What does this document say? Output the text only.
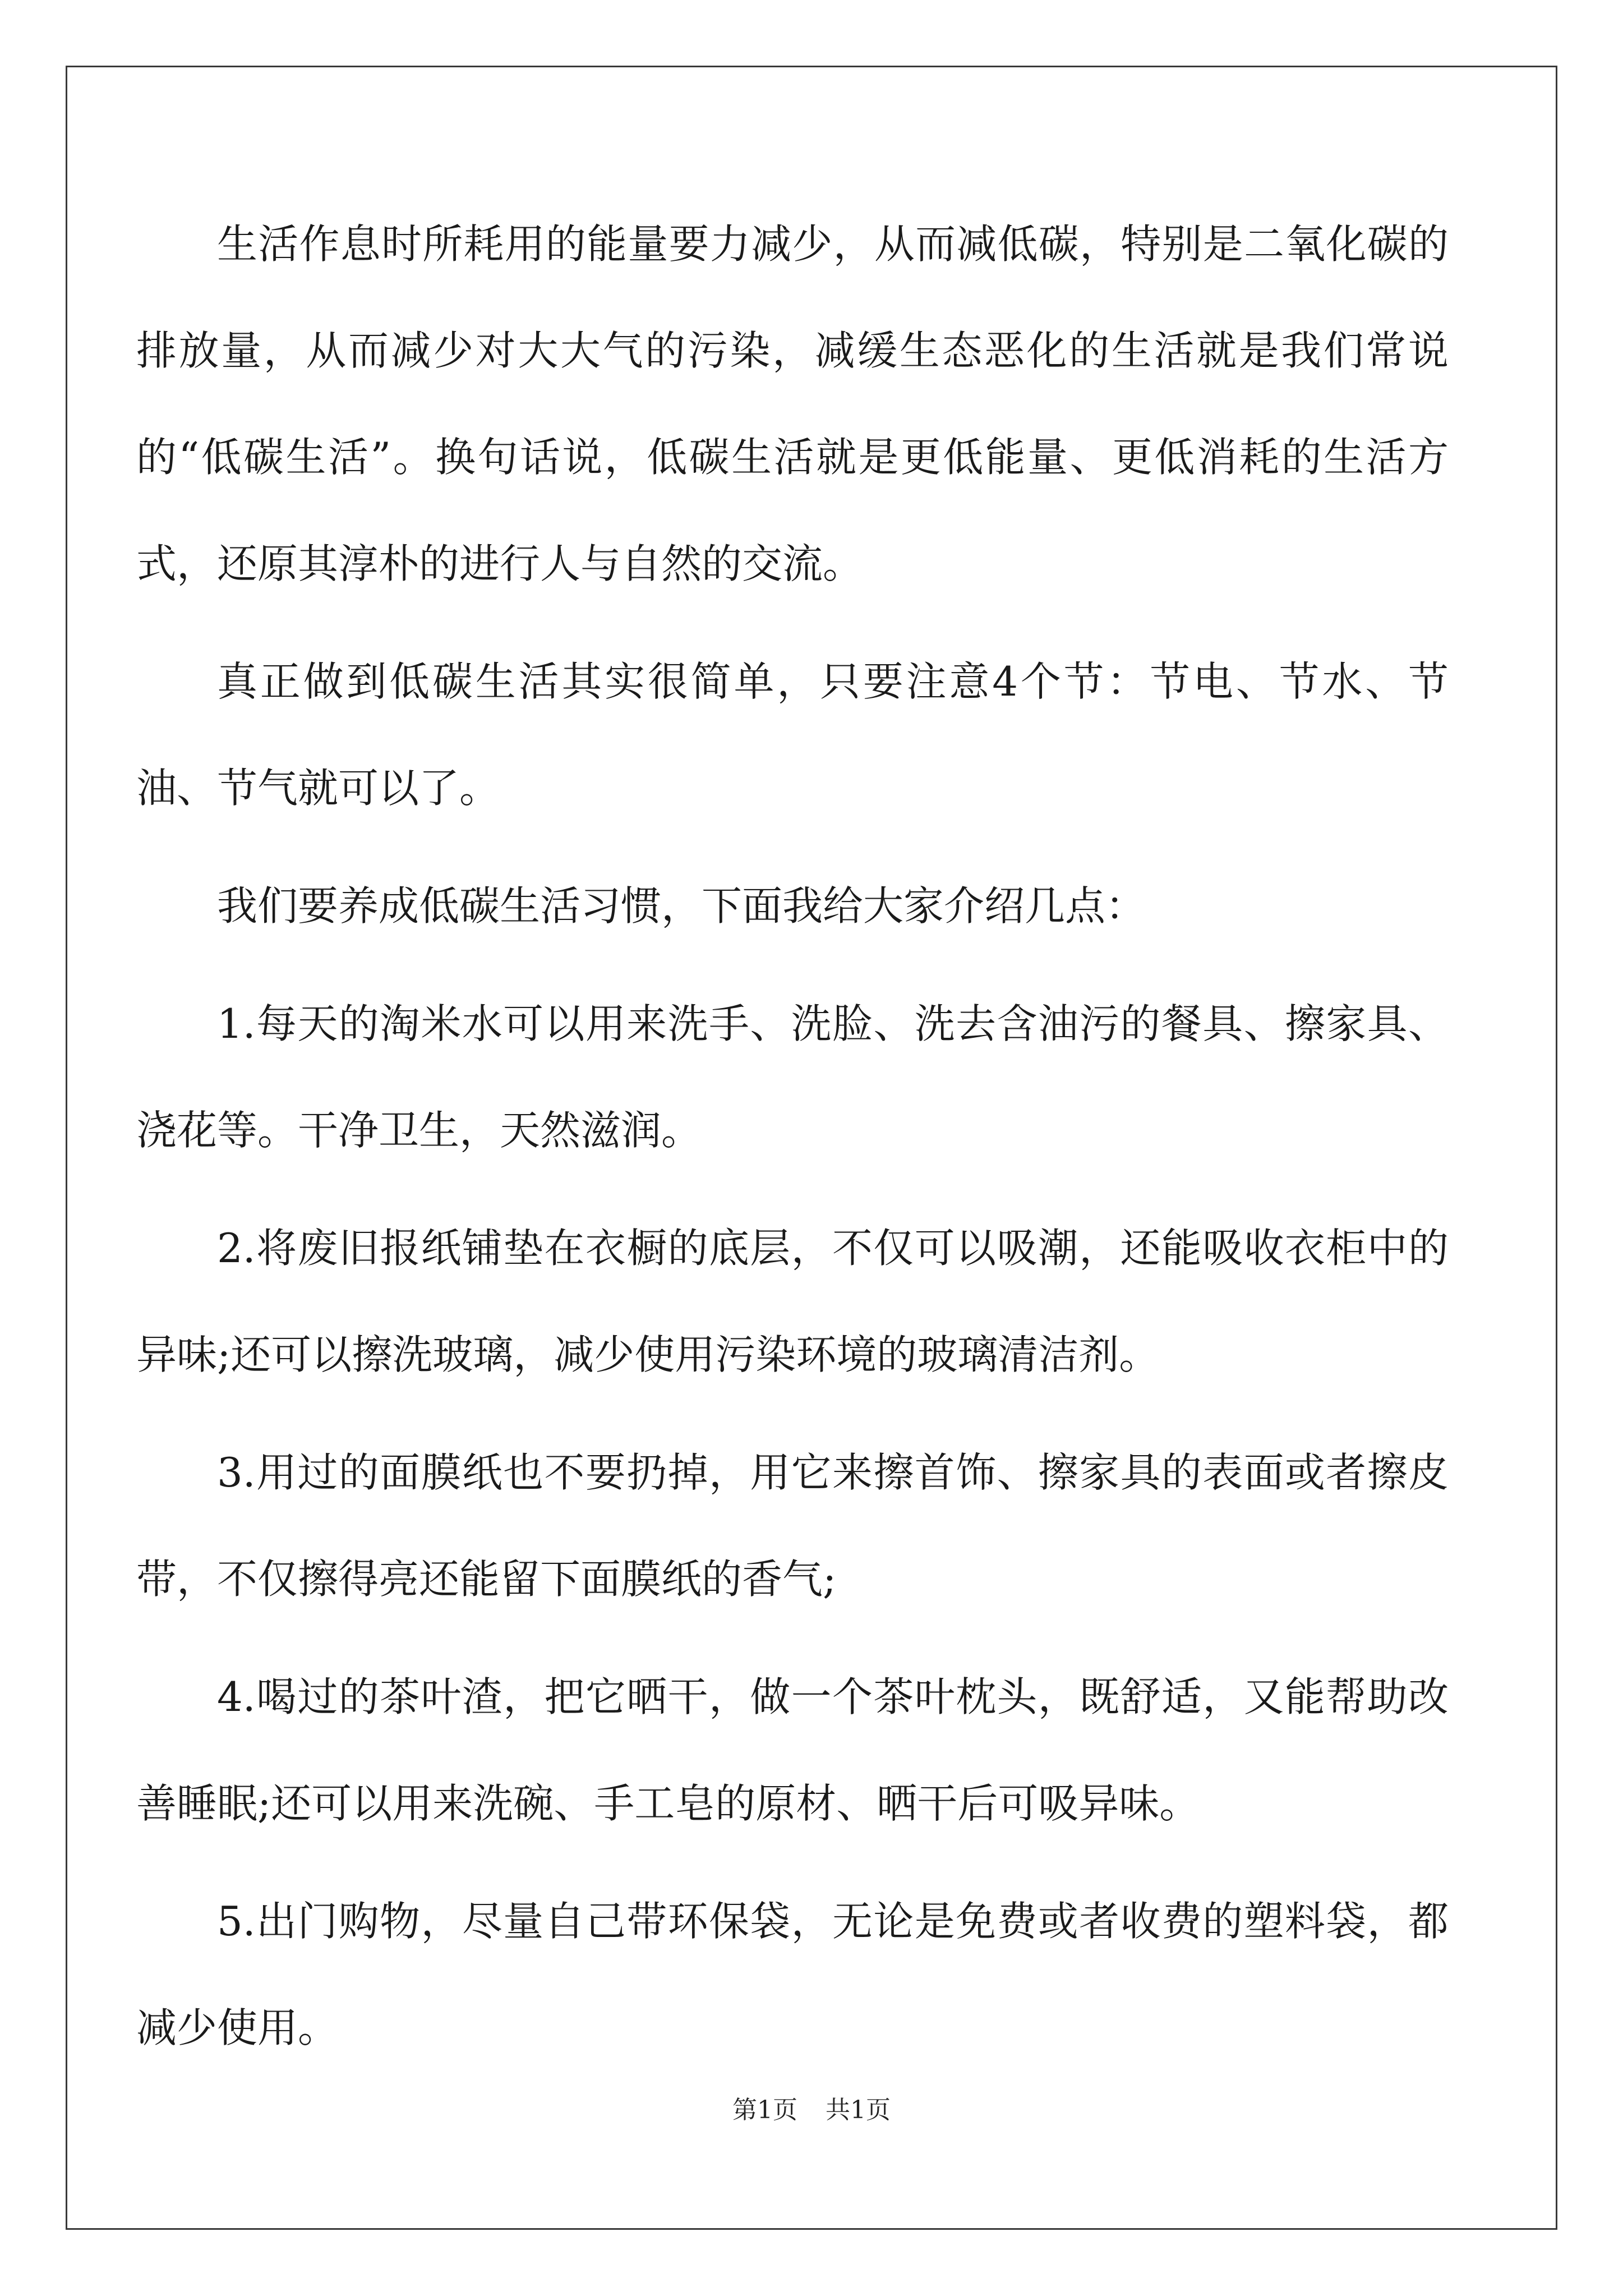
生活作息时所耗用的能量要力减少，从而减低碳，特别是二氧化碳的排放量，从而减少对大大气的污染，减缓生态恶化的生活就是我们常说的“低碳生活”。换句话说，低碳生活就是更低能量、更低消耗的生活方式，还原其淳朴的进行人与自然的交流。

真正做到低碳生活其实很简单，只要注意4个节：节电、节水、节油、节气就可以了。

我们要养成低碳生活习惯，下面我给大家介绍几点：

1.每天的淘米水可以用来洗手、洗脸、洗去含油污的餐具、擦家具、浇花等。干净卫生，天然滋润。

2.将废旧报纸铺垫在衣橱的底层，不仅可以吸潮，还能吸收衣柜中的异味;还可以擦洗玻璃，减少使用污染环境的玻璃清洁剂。

3.用过的面膜纸也不要扔掉，用它来擦首饰、擦家具的表面或者擦皮带，不仅擦得亮还能留下面膜纸的香气;

4.喝过的茶叶渣，把它晒干，做一个茶叶枕头，既舒适，又能帮助改善睡眠;还可以用来洗碗、手工皂的原材、晒干后可吸异味。

5.出门购物，尽量自己带环保袋，无论是免费或者收费的塑料袋，都减少使用。

第1页 共1页
